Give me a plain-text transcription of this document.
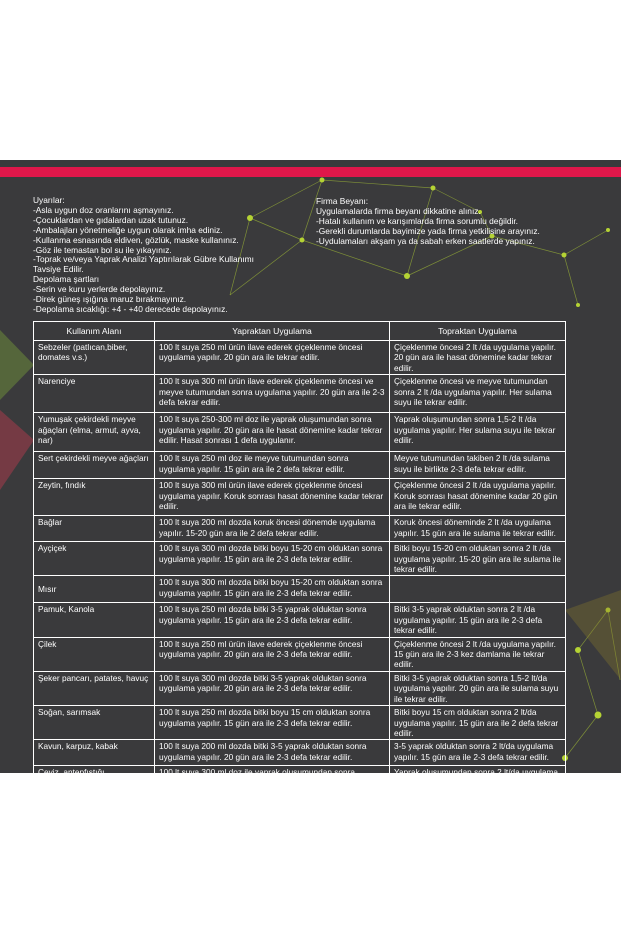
Uyarılar:
-Asla uygun doz oranlarını aşmayınız.
-Çocuklardan ve gıdalardan uzak tutunuz.
-Ambalajları yönetmeliğe uygun olarak imha ediniz.
-Kullanma esnasında eldiven, gözlük, maske kullanınız.
-Göz ile temastan bol su ile yıkayınız.
-Toprak ve/veya Yaprak Analizi Yaptırılarak Gübre Kullanımı
Tavsiye Edilir.
Depolama şartları
-Serin ve kuru yerlerde depolayınız.
-Direk güneş ışığına maruz bırakmayınız.
-Depolama sıcaklığı: +4 - +40 derecede depolayınız.
Firma Beyanı:
Uygulamalarda firma beyanı dikkatine alınız.
-Hatalı kullanım ve karışımlarda firma sorumlu değildir.
-Gerekli durumlarda bayimize yada firma yetkilisine arayınız.
-Uydulamaları akşam ya da sabah erken saatlerde yapınız.
Kullanım Alanı	Yapraktan Uygulama	Topraktan Uygulama
Sebzeler (patlıcan,biber, domates v.s.)	100 lt suya 250 ml ürün ilave ederek çiçeklenme öncesi uygulama yapılır. 20 gün ara ile tekrar edilir.	Çiçeklenme öncesi 2 lt /da uygulama yapılır. 20 gün ara ile hasat dönemine kadar tekrar edilir.
Narenciye	100 lt suya 300 ml ürün ilave ederek çiçeklenme öncesi ve meyve tutumundan sonra uygulama yapılır. 20 gün ara ile 2-3 defa tekrar edilir.	Çiçeklenme öncesi ve meyve tutumundan sonra 2 lt /da uygulama yapılır. Her sulama suyu ile tekrar edilir.
Yumuşak çekirdekli meyve ağaçları (elma, armut, ayva, nar)	100 lt suya 250-300 ml doz ile yaprak oluşumundan sonra uygulama yapılır. 20 gün ara ile hasat dönemine kadar tekrar edilir. Hasat sonrası 1 defa uygulanır.	Yaprak oluşumundan sonra 1,5-2 lt /da uygulama yapılır. Her sulama suyu ile tekrar edilir.
Sert çekirdekli meyve ağaçları	100 lt suya 250 ml doz ile meyve tutumundan sonra uygulama yapılır. 15 gün ara ile 2 defa tekrar edilir.	Meyve tutumundan takiben 2 lt /da sulama suyu ile birlikte 2-3 defa tekrar edilir.
Zeytin, fındık	100 lt suya 300 ml ürün ilave ederek çiçeklenme öncesi uygulama yapılır. Koruk sonrası hasat dönemine kadar tekrar edilir.	Çiçeklenme öncesi 2 lt /da uygulama yapılır. Koruk sonrası hasat dönemine kadar 20 gün ara ile tekrar edilir.
Bağlar	100 lt suya 200 ml dozda koruk öncesi dönemde uygulama yapılır. 15-20 gün ara ile 2 defa tekrar edilir.	Koruk öncesi döneminde 2 lt /da uygulama yapılır. 15 gün ara ile sulama ile tekrar edilir.
Ayçiçek	100 lt suya 300 ml dozda bitki boyu 15-20 cm olduktan sonra uygulama yapılır. 15 gün ara ile 2-3 defa tekrar edilir.	Bitki boyu 15-20 cm olduktan sonra 2 lt /da uygulama yapılır. 15-20 gün ara ile sulama ile tekrar edilir.
Mısır	100 lt suya 300 ml dozda bitki boyu 15-20 cm olduktan sonra uygulama yapılır. 15 gün ara ile 2-3 defa tekrar edilir.	
Pamuk, Kanola	100 lt suya 250 ml dozda bitki 3-5 yaprak olduktan sonra uygulama yapılır. 15 gün ara ile 2-3 defa tekrar edilir.	Bitki 3-5 yaprak olduktan sonra 2 lt /da uygulama yapılır. 15 gün ara ile 2-3 defa tekrar edilir.
Çilek	100 lt suya 250 ml ürün ilave ederek çiçeklenme öncesi uygulama yapılır. 20 gün ara ile 2-3 defa tekrar edilir.	Çiçeklenme öncesi 2 lt /da uygulama yapılır. 15 gün ara ile 2-3 kez damlama ile tekrar edilir.
Şeker pancarı, patates, havuç	100 lt suya 300 ml dozda bitki 3-5 yaprak olduktan sonra uygulama yapılır. 20 gün ara ile 2-3 defa tekrar edilir.	Bitki 3-5 yaprak olduktan sonra 1,5-2 lt/da uygulama yapılır. 20 gün ara ile sulama suyu ile tekrar edilir.
Soğan, sarımsak	100 lt suya 250 ml dozda bitki boyu 15 cm olduktan sonra uygulama yapılır. 15 gün ara ile 2-3 defa tekrar edilir.	Bitki boyu 15 cm olduktan sonra 2 lt/da uygulama yapılır. 15 gün ara ile 2 defa tekrar edilir.
Kavun, karpuz, kabak	100 lt suya 200 ml dozda bitki 3-5 yaprak olduktan sonra uygulama yapılır. 20 gün ara ile 2-3 defa tekrar edilir.	3-5 yaprak olduktan sonra 2 lt/da uygulama yapılır. 15 gün ara ile 2-3 defa tekrar edilir.
Ceviz, antepfıstığı	100 lt suya 300 ml doz ile yaprak oluşumundan sonra uygulama yapılır. 15 gün ara ile 1-2 defa tekrar edilir.	Yaprak oluşumundan sonra 2 lt/da uygulama yapılır. 20 gün ara ile sulama suyu ile tekrar edilir.
Muz	100 lt suya 250 ml doz ile çiçek dönemi öncesi 2 hafta arayla 2 defa uygulama yapılır.	Çiçek dönemi öncesi 2 lt/da sulama suyu ile birlikte 2-3 defa uygulama yapılır.
